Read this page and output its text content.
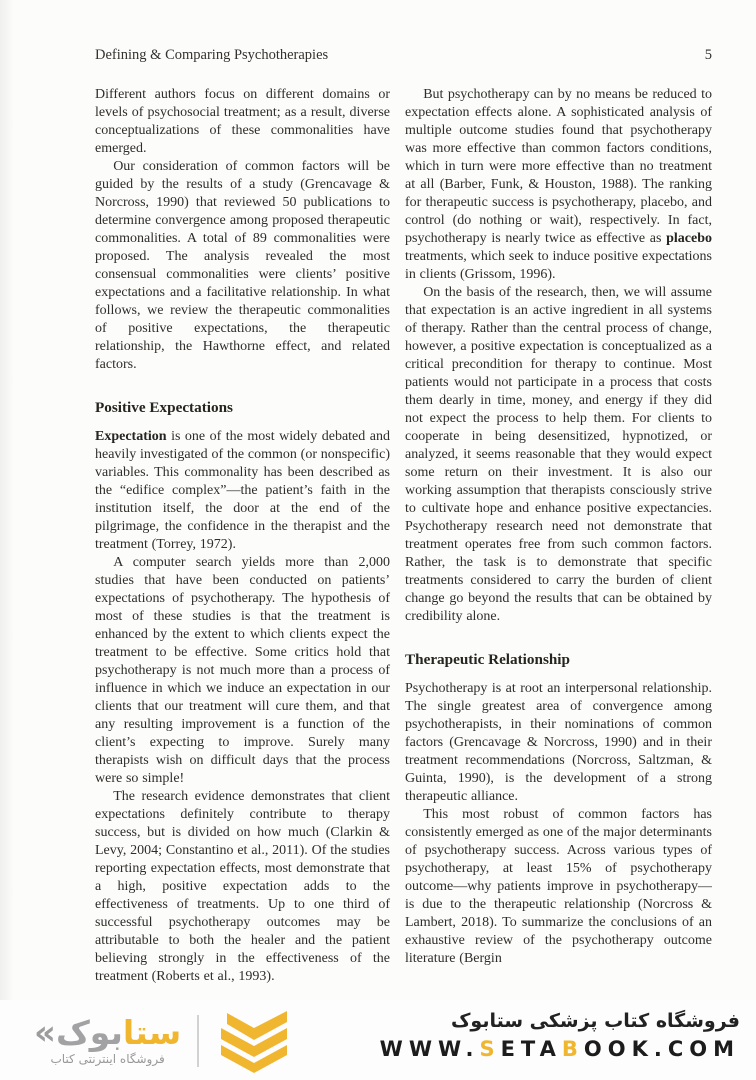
Defining & Comparing Psychotherapies	5

Different authors focus on different domains or levels of psychosocial treatment; as a result, diverse conceptualizations of these commonalities have emerged.

Our consideration of common factors will be guided by the results of a study (Grencavage & Norcross, 1990) that reviewed 50 publications to determine convergence among proposed therapeutic commonalities. A total of 89 commonalities were proposed. The analysis revealed the most consensual commonalities were clients’ positive expectations and a facilitative relationship. In what follows, we review the therapeutic commonalities of positive expectations, the therapeutic relationship, the Hawthorne effect, and related factors.

Positive Expectations

Expectation is one of the most widely debated and heavily investigated of the common (or nonspecific) variables. This commonality has been described as the “edifice complex”—the patient’s faith in the institution itself, the door at the end of the pilgrimage, the confidence in the therapist and the treatment (Torrey, 1972).

A computer search yields more than 2,000 studies that have been conducted on patients’ expectations of psychotherapy. The hypothesis of most of these studies is that the treatment is enhanced by the extent to which clients expect the treatment to be effective. Some critics hold that psychotherapy is not much more than a process of influence in which we induce an expectation in our clients that our treatment will cure them, and that any resulting improvement is a function of the client’s expecting to improve. Surely many therapists wish on difficult days that the process were so simple!

The research evidence demonstrates that client expectations definitely contribute to therapy success, but is divided on how much (Clarkin & Levy, 2004; Constantino et al., 2011). Of the studies reporting expectation effects, most demonstrate that a high, positive expectation adds to the effectiveness of treatments. Up to one third of successful psychotherapy outcomes may be attributable to both the healer and the patient believing strongly in the effectiveness of the treatment (Roberts et al., 1993).

But psychotherapy can by no means be reduced to expectation effects alone. A sophisticated analysis of multiple outcome studies found that psychotherapy was more effective than common factors conditions, which in turn were more effective than no treatment at all (Barber, Funk, & Houston, 1988). The ranking for therapeutic success is psychotherapy, placebo, and control (do nothing or wait), respectively. In fact, psychotherapy is nearly twice as effective as placebo treatments, which seek to induce positive expectations in clients (Grissom, 1996).

On the basis of the research, then, we will assume that expectation is an active ingredient in all systems of therapy. Rather than the central process of change, however, a positive expectation is conceptualized as a critical precondition for therapy to continue. Most patients would not participate in a process that costs them dearly in time, money, and energy if they did not expect the process to help them. For clients to cooperate in being desensitized, hypnotized, or analyzed, it seems reasonable that they would expect some return on their investment. It is also our working assumption that therapists consciously strive to cultivate hope and enhance positive expectancies. Psychotherapy research need not demonstrate that treatment operates free from such common factors. Rather, the task is to demonstrate that specific treatments considered to carry the burden of client change go beyond the results that can be obtained by credibility alone.

Therapeutic Relationship

Psychotherapy is at root an interpersonal relationship. The single greatest area of convergence among psychotherapists, in their nominations of common factors (Grencavage & Norcross, 1990) and in their treatment recommendations (Norcross, Saltzman, & Guinta, 1990), is the development of a strong therapeutic alliance.

This most robust of common factors has consistently emerged as one of the major determinants of psychotherapy success. Across various types of psychotherapy, at least 15% of psychotherapy outcome—why patients improve in psychotherapy—is due to the therapeutic relationship (Norcross & Lambert, 2018). To summarize the conclusions of an exhaustive review of the psychotherapy outcome literature (Bergin

«	ستابوک
فروشگاه اینترنتی کتاب
فروشگاه کتاب پزشکی ستابوک
WWW.SETABOOK.COM
